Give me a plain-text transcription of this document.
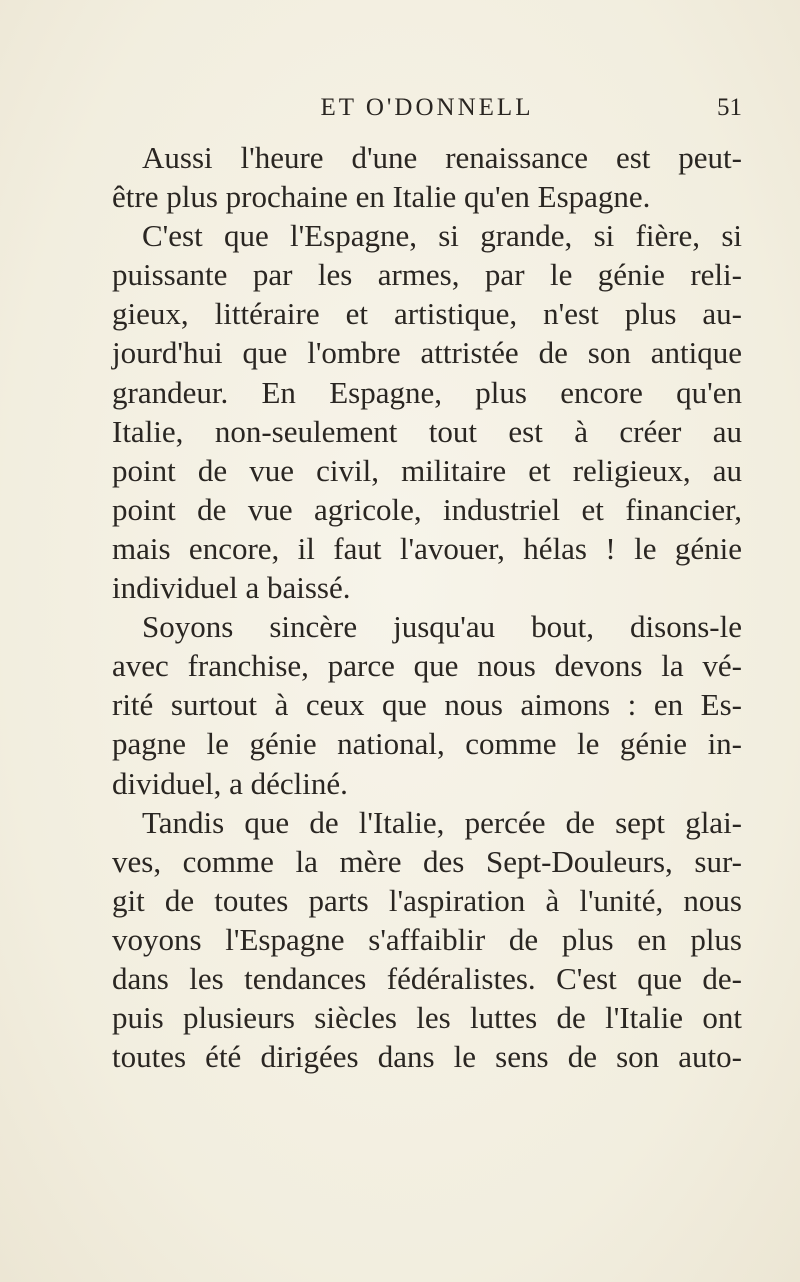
ET O'DONNELL	51
Aussi l'heure d'une renaissance est peut-
être plus prochaine en Italie qu'en Espagne.
C'est que l'Espagne, si grande, si fière, si
puissante par les armes, par le génie reli-
gieux, littéraire et artistique, n'est plus au-
jourd'hui que l'ombre attristée de son antique
grandeur. En Espagne, plus encore qu'en
Italie, non-seulement tout est à créer au
point de vue civil, militaire et religieux, au
point de vue agricole, industriel et financier,
mais encore, il faut l'avouer, hélas ! le génie
individuel a baissé.
Soyons sincère jusqu'au bout, disons-le
avec franchise, parce que nous devons la vé-
rité surtout à ceux que nous aimons : en Es-
pagne le génie national, comme le génie in-
dividuel, a décliné.
Tandis que de l'Italie, percée de sept glai-
ves, comme la mère des Sept-Douleurs, sur-
git de toutes parts l'aspiration à l'unité, nous
voyons l'Espagne s'affaiblir de plus en plus
dans les tendances fédéralistes. C'est que de-
puis plusieurs siècles les luttes de l'Italie ont
toutes été dirigées dans le sens de son auto-
